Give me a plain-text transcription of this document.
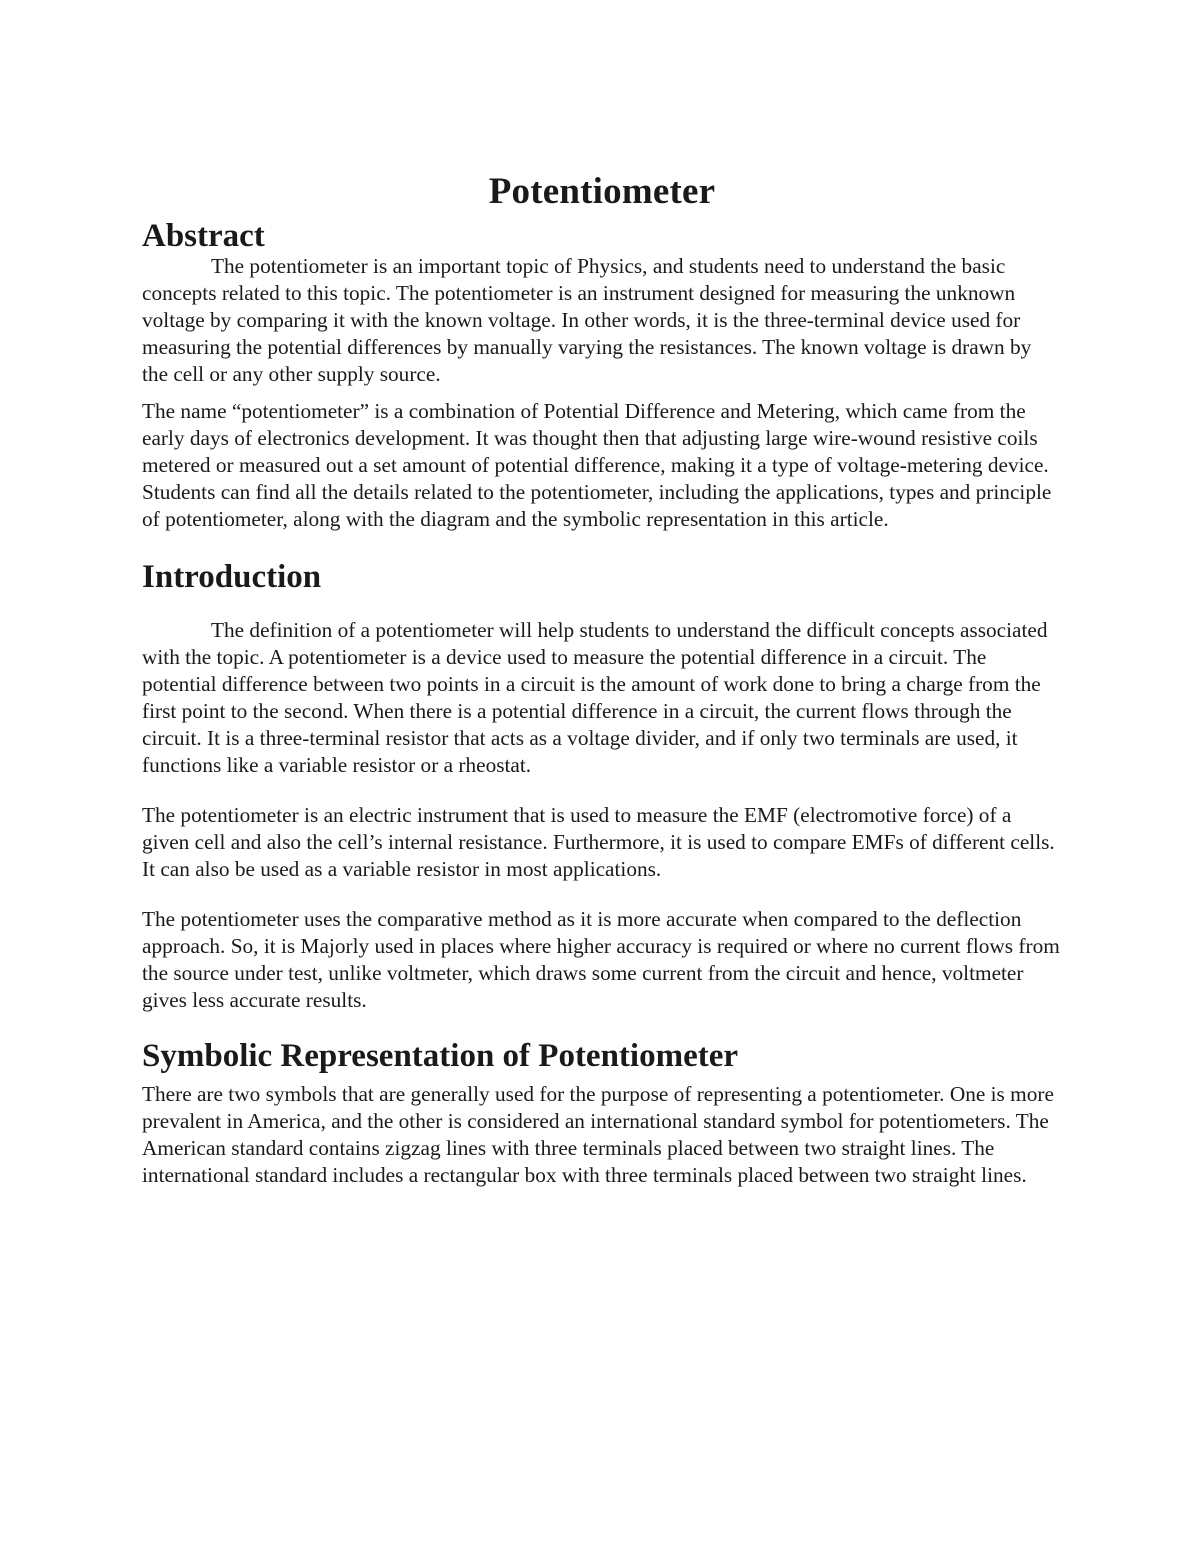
Potentiometer
Abstract

The potentiometer is an important topic of Physics, and students need to understand the basic concepts related to this topic. The potentiometer is an instrument designed for measuring the unknown voltage by comparing it with the known voltage. In other words, it is the three-terminal device used for measuring the potential differences by manually varying the resistances. The known voltage is drawn by the cell or any other supply source.

The name “potentiometer” is a combination of Potential Difference and Metering, which came from the early days of electronics development. It was thought then that adjusting large wire-wound resistive coils metered or measured out a set amount of potential difference, making it a type of voltage-metering device. Students can find all the details related to the potentiometer, including the applications, types and principle of potentiometer, along with the diagram and the symbolic representation in this article.

Introduction

The definition of a potentiometer will help students to understand the difficult concepts associated with the topic. A potentiometer is a device used to measure the potential difference in a circuit. The potential difference between two points in a circuit is the amount of work done to bring a charge from the first point to the second. When there is a potential difference in a circuit, the current flows through the circuit. It is a three-terminal resistor that acts as a voltage divider, and if only two terminals are used, it functions like a variable resistor or a rheostat.

The potentiometer is an electric instrument that is used to measure the EMF (electromotive force) of a given cell and also the cell’s internal resistance. Furthermore, it is used to compare EMFs of different cells. It can also be used as a variable resistor in most applications.

The potentiometer uses the comparative method as it is more accurate when compared to the deflection approach. So, it is Majorly used in places where higher accuracy is required or where no current flows from the source under test, unlike voltmeter, which draws some current from the circuit and hence, voltmeter gives less accurate results.

Symbolic Representation of Potentiometer

There are two symbols that are generally used for the purpose of representing a potentiometer. One is more prevalent in America, and the other is considered an international standard symbol for potentiometers. The American standard contains zigzag lines with three terminals placed between two straight lines. The international standard includes a rectangular box with three terminals placed between two straight lines.
